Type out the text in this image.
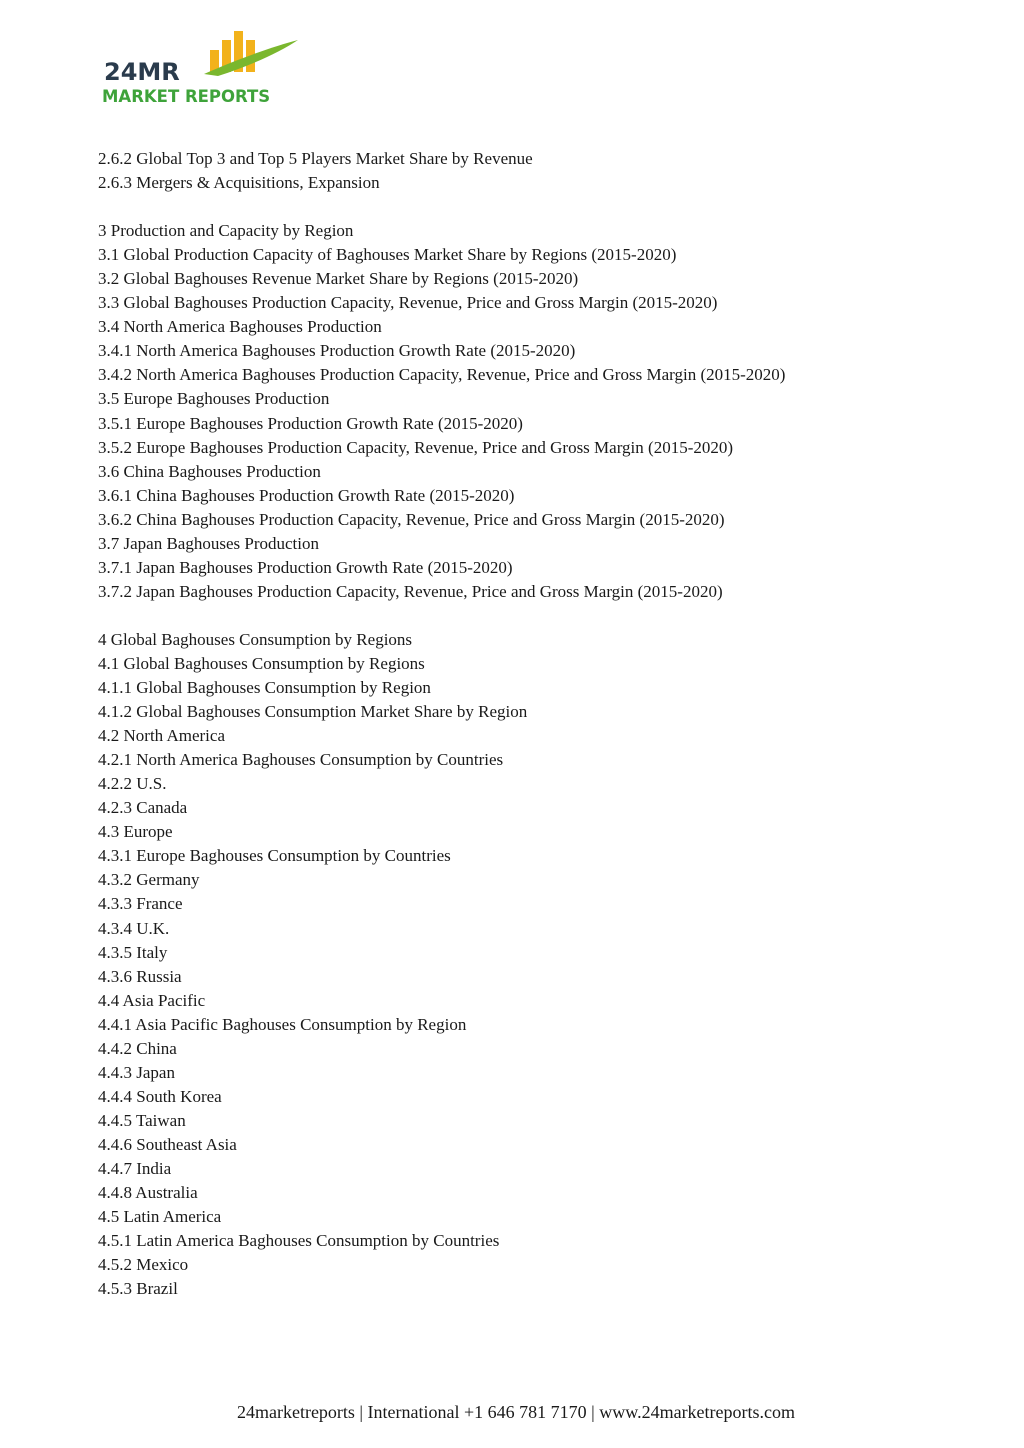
24MR
MARKET REPORTS
2.6.2 Global Top 3 and Top 5 Players Market Share by Revenue
2.6.3 Mergers & Acquisitions, Expansion
3 Production and Capacity by Region
3.1 Global Production Capacity of Baghouses Market Share by Regions (2015-2020)
3.2 Global Baghouses Revenue Market Share by Regions (2015-2020)
3.3 Global Baghouses Production Capacity, Revenue, Price and Gross Margin (2015-2020)
3.4 North America Baghouses Production
3.4.1 North America Baghouses Production Growth Rate (2015-2020)
3.4.2 North America Baghouses Production Capacity, Revenue, Price and Gross Margin (2015-2020)
3.5 Europe Baghouses Production
3.5.1 Europe Baghouses Production Growth Rate (2015-2020)
3.5.2 Europe Baghouses Production Capacity, Revenue, Price and Gross Margin (2015-2020)
3.6 China Baghouses Production
3.6.1 China Baghouses Production Growth Rate (2015-2020)
3.6.2 China Baghouses Production Capacity, Revenue, Price and Gross Margin (2015-2020)
3.7 Japan Baghouses Production
3.7.1 Japan Baghouses Production Growth Rate (2015-2020)
3.7.2 Japan Baghouses Production Capacity, Revenue, Price and Gross Margin (2015-2020)
4 Global Baghouses Consumption by Regions
4.1 Global Baghouses Consumption by Regions
4.1.1 Global Baghouses Consumption by Region
4.1.2 Global Baghouses Consumption Market Share by Region
4.2 North America
4.2.1 North America Baghouses Consumption by Countries
4.2.2 U.S.
4.2.3 Canada
4.3 Europe
4.3.1 Europe Baghouses Consumption by Countries
4.3.2 Germany
4.3.3 France
4.3.4 U.K.
4.3.5 Italy
4.3.6 Russia
4.4 Asia Pacific
4.4.1 Asia Pacific Baghouses Consumption by Region
4.4.2 China
4.4.3 Japan
4.4.4 South Korea
4.4.5 Taiwan
4.4.6 Southeast Asia
4.4.7 India
4.4.8 Australia
4.5 Latin America
4.5.1 Latin America Baghouses Consumption by Countries
4.5.2 Mexico
4.5.3 Brazil
24marketreports | International +1 646 781 7170 | www.24marketreports.com
